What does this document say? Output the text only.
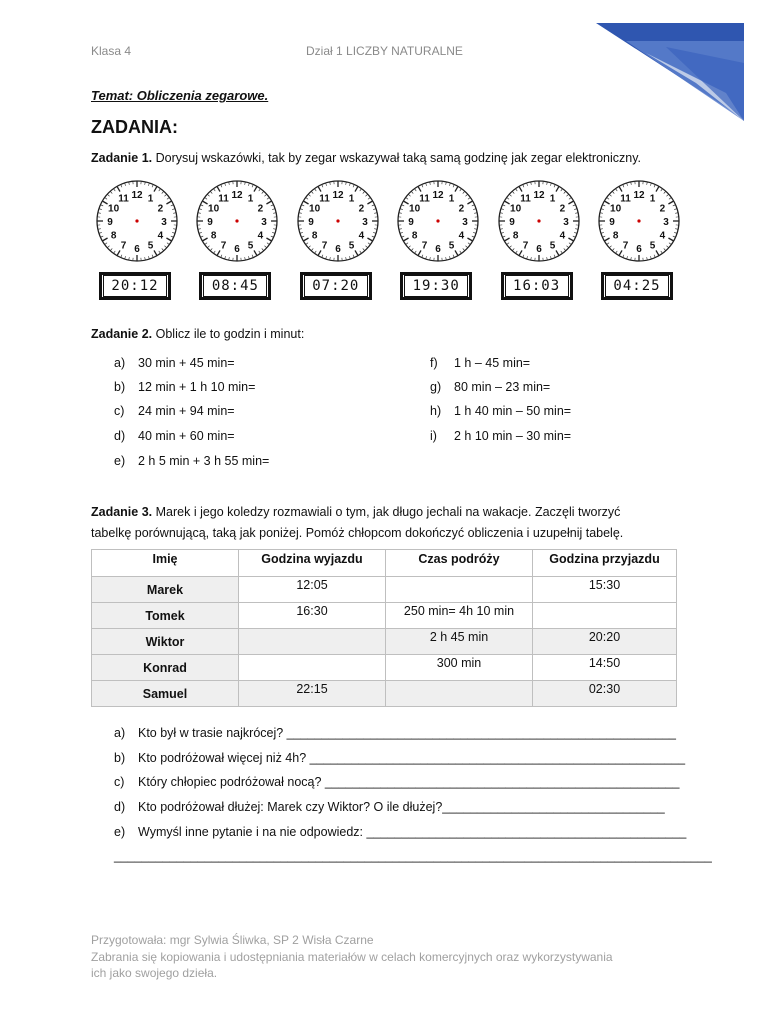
Klasa 4	Dział 1 LICZBY NATURALNE
Temat: Obliczenia zegarowe.
ZADANIA:
Zadanie 1. Dorysuj wskazówki, tak by zegar wskazywał taką samą godzinę jak zegar elektroniczny.
12 1
2
3
4
5
6
7
8
9
10
11
20:12
12 1
2
3
4
5
6
7
8
9
10
11
08:45
12 1
2
3
4
5
6
7
8
9
10
11
07:20
12 1
2
3
4
5
6
7
8
9
10
11
19:30
12 1
2
3
4
5
6
7
8
9
10
11
16:03
12 1
2
3
4
5
6
7
8
9
10
11
04:25
Zadanie 2. Oblicz ile to godzin i minut:
a) 30 min + 45 min=
b) 12 min + 1 h 10 min=
c) 24 min + 94 min=
d) 40 min + 60 min=
e) 2 h 5 min + 3 h 55 min=
f) 1 h – 45 min=
g) 80 min – 23 min=
h) 1 h 40 min – 50 min=
i) 2 h 10 min – 30 min=
Zadanie 3. Marek i jego koledzy rozmawiali o tym, jak długo jechali na wakacje. Zaczęli tworzyć
tabelkę porównującą, taką jak poniżej. Pomóż chłopcom dokończyć obliczenia i uzupełnij tabelę.
Imię	Godzina wyjazdu	Czas podróży	Godzina przyjazdu
Marek	12:05		15:30
Tomek	16:30	250 min= 4h 10 min	
Wiktor		2 h 45 min	20:20
Konrad		300 min	14:50
Samuel	22:15		02:30
a) Kto był w trasie najkrócej? ________________________________________________________
b) Kto podróżował więcej niż 4h? ______________________________________________________
c) Który chłopiec podróżował nocą? ___________________________________________________
d) Kto podróżował dłużej: Marek czy Wiktor? O ile dłużej?________________________________
e) Wymyśl inne pytanie i na nie odpowiedz: ______________________________________________
______________________________________________________________________________________
Przygotowała: mgr Sylwia Śliwka, SP 2 Wisła Czarne
Zabrania się kopiowania i udostępniania materiałów w celach komercyjnych oraz wykorzystywania
ich jako swojego dzieła.
